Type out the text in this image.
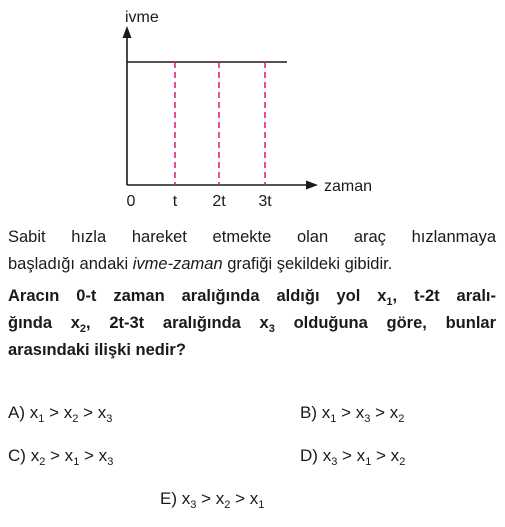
ivme
zaman
0 t 2t 3t

Sabit hızla hareket etmekte olan araç hızlanmaya
başladığı andaki ivme-zaman grafiği şekildeki gibidir.

Aracın 0-t zaman aralığında aldığı yol $x_1$, t-2t aralı-
ğında $x_2$, 2t-3t aralığında $x_3$ olduğuna göre, bunlar
arasındaki ilişki nedir?

A) $x_1 > x_2 > x_3$	B) $x_1 > x_3 > x_2$
C) $x_2 > x_1 > x_3$	D) $x_3 > x_1 > x_2$
E) $x_3 > x_2 > x_1$
